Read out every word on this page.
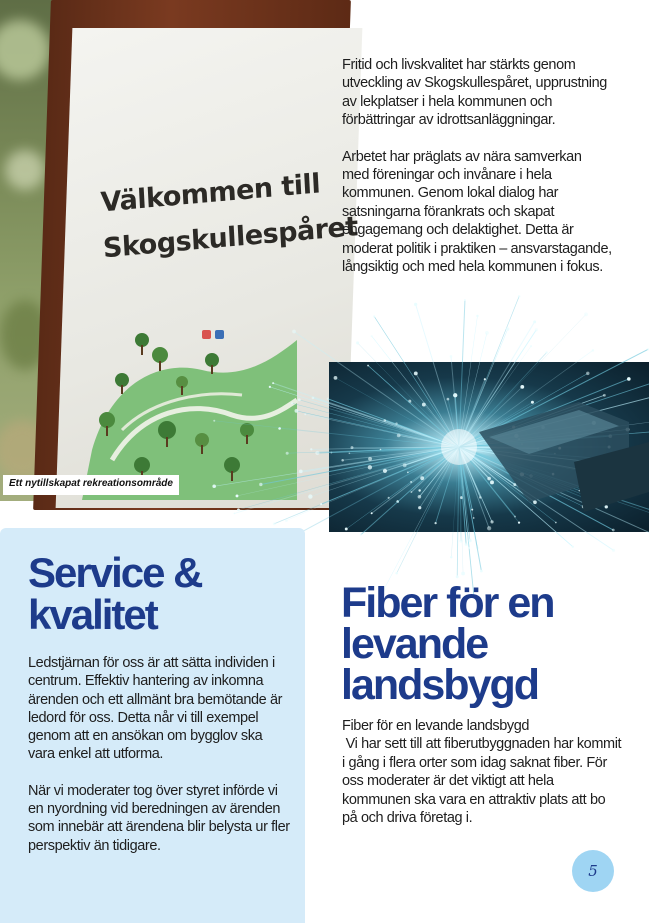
Välkommen till
Skogskullespåret
Ett nytillskapat rekreationsområde

Fritid och livskvalitet har stärkts genom utveckling av Skogskullespåret, upprustning av lekplatser i hela kommunen och förbättringar av idrottsanläggningar.

Arbetet har präglats av nära samverkan med föreningar och invånare i hela kommunen. Genom lokal dialog har satsningarna förankrats och skapat engagemang och delaktighet. Detta är moderat politik i praktiken – ansvarstagande, långsiktig och med hela kommunen i fokus.

Service &
kvalitet

Ledstjärnan för oss är att sätta individen i centrum. Effektiv hantering av inkomna ärenden och ett allmänt bra bemötande är ledord för oss. Detta når vi till exempel genom att en ansökan om bygglov ska vara enkel att utforma.

När vi moderater tog över styret införde vi en nyordning vid beredningen av ärenden som innebär att ärendena blir belysta ur fler perspektiv än tidigare.

Fiber för en
levande
landsbygd
Fiber för en levande landsbygd
Vi har sett till att fiberutbyggnaden har kommit i gång i flera orter som idag saknat fiber. För oss moderater är det viktigt att hela kommunen ska vara en attraktiv plats att bo på och driva företag i.
5
